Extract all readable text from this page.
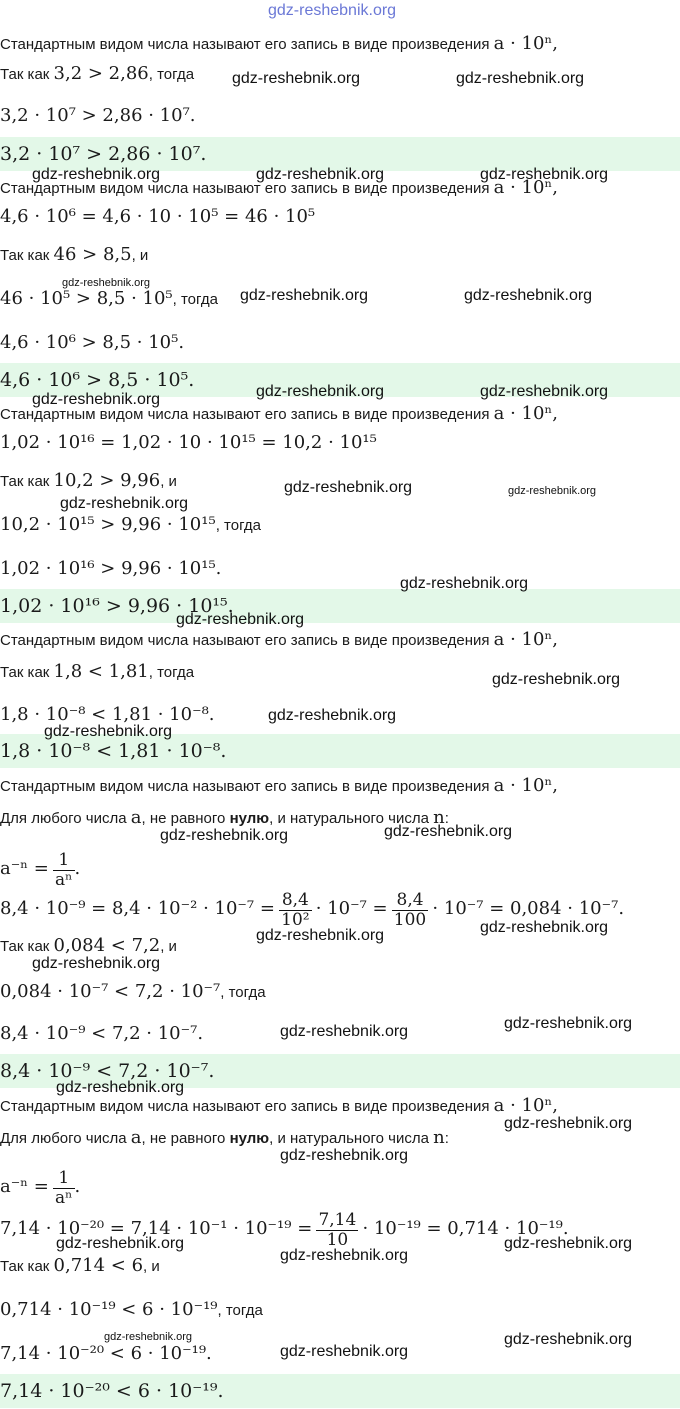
gdz-reshebnik.org
Стандартным видом числа называют его запись в виде произведения a · 10ⁿ,
Так как 3,2 > 2,86, тогда
3,2 · 10⁷ > 2,86 · 10⁷.
3,2 · 10⁷ > 2,86 · 10⁷.
Стандартным видом числа называют его запись в виде произведения a · 10ⁿ,
4,6 · 10⁶ = 4,6 · 10 · 10⁵ = 46 · 10⁵
Так как 46 > 8,5, и
46 · 10⁵ > 8,5 · 10⁵, тогда
4,6 · 10⁶ > 8,5 · 10⁵.
4,6 · 10⁶ > 8,5 · 10⁵.
Стандартным видом числа называют его запись в виде произведения a · 10ⁿ,
1,02 · 10¹⁶ = 1,02 · 10 · 10¹⁵ = 10,2 · 10¹⁵
Так как 10,2 > 9,96, и
10,2 · 10¹⁵ > 9,96 · 10¹⁵, тогда
1,02 · 10¹⁶ > 9,96 · 10¹⁵.
1,02 · 10¹⁶ > 9,96 · 10¹⁵.
Стандартным видом числа называют его запись в виде произведения a · 10ⁿ,
Так как 1,8 < 1,81, тогда
1,8 · 10⁻⁸ < 1,81 · 10⁻⁸.
1,8 · 10⁻⁸ < 1,81 · 10⁻⁸.
Стандартным видом числа называют его запись в виде произведения a · 10ⁿ,
Для любого числа a, не равного нулю, и натурального числа n:
$a^{-n} = \frac{1}{\text{aⁿ}}$ .
$8,4 \cdot 10^{-9} = 8,4 \cdot 10^{-2} \cdot 10^{-7} = \frac{8,4}{\text{10²}} \cdot 10^{-7} = \frac{8,4}{100} \cdot 10^{-7} = 0,084 \cdot 10^{-7}$.
Так как 0,084 < 7,2, и
0,084 · 10⁻⁷ < 7,2 · 10⁻⁷, тогда
8,4 · 10⁻⁹ < 7,2 · 10⁻⁷.
8,4 · 10⁻⁹ < 7,2 · 10⁻⁷.
Стандартным видом числа называют его запись в виде произведения a · 10ⁿ,
Для любого числа a, не равного нулю, и натурального числа n:
$a^{-n} = \frac{1}{\text{aⁿ}}$ .
$7,14 \cdot 10^{-20} = 7,14 \cdot 10^{-1} \cdot 10^{-19} = \frac{7,14}{10} \cdot 10^{-19} = 0,714 \cdot 10^{-19}$.
Так как 0,714 < 6, и
0,714 · 10⁻¹⁹ < 6 · 10⁻¹⁹, тогда
7,14 · 10⁻²⁰ < 6 · 10⁻¹⁹.
7,14 · 10⁻²⁰ < 6 · 10⁻¹⁹.
gdz-reshebnik.org	gdz-reshebnik.org
gdz-reshebnik.org	gdz-reshebnik.org	gdz-reshebnik.org
gdz-reshebnik.org
gdz-reshebnik.org	gdz-reshebnik.org
gdz-reshebnik.org	gdz-reshebnik.org
gdz-reshebnik.org
gdz-reshebnik.org	gdz-reshebnik.org
gdz-reshebnik.org
gdz-reshebnik.org
gdz-reshebnik.org
gdz-reshebnik.org
gdz-reshebnik.org
gdz-reshebnik.org
gdz-reshebnik.org
gdz-reshebnik.org
gdz-reshebnik.org
gdz-reshebnik.org
gdz-reshebnik.org
gdz-reshebnik.org
gdz-reshebnik.org
gdz-reshebnik.org
gdz-reshebnik.org
gdz-reshebnik.org
gdz-reshebnik.org	gdz-reshebnik.org
gdz-reshebnik.org
gdz-reshebnik.org	gdz-reshebnik.org
gdz-reshebnik.org
